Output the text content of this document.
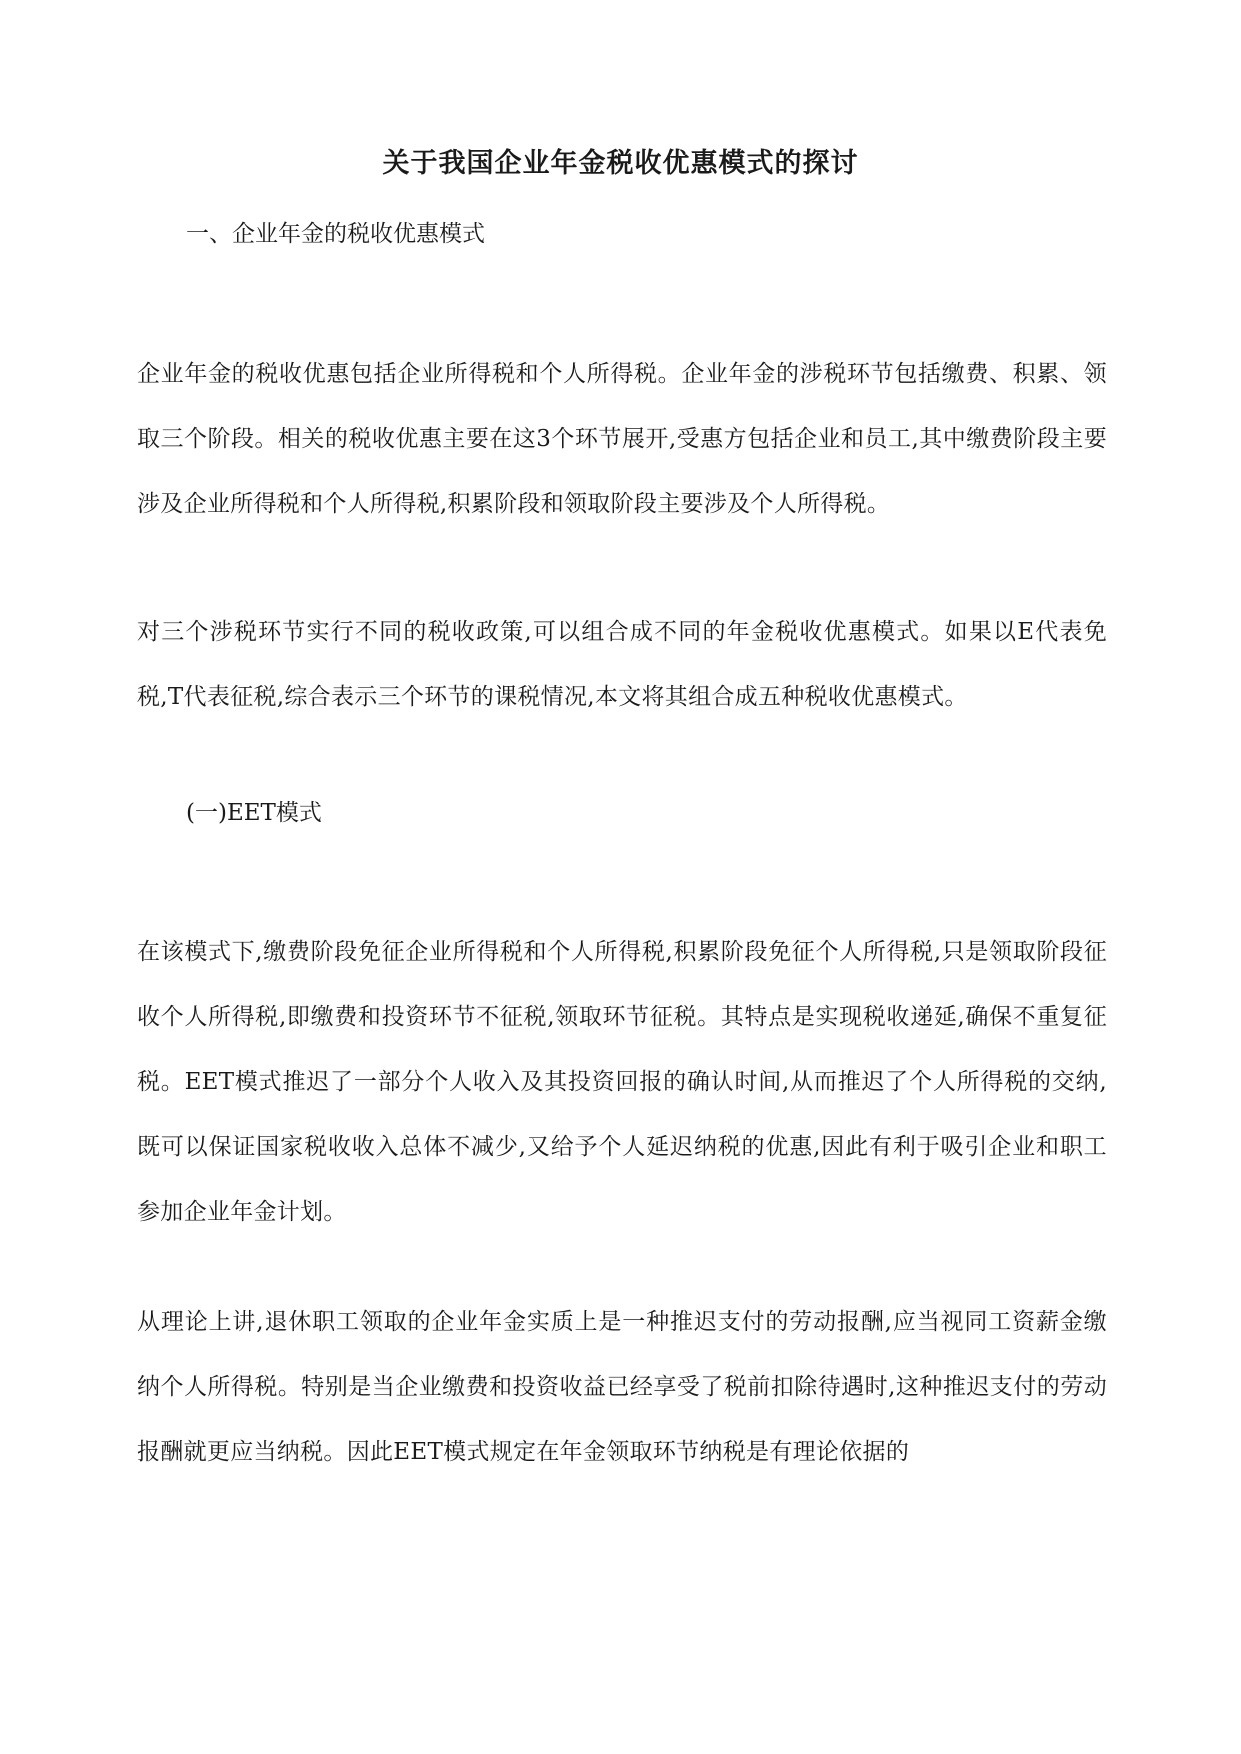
关于我国企业年金税收优惠模式的探讨
一、企业年金的税收优惠模式
企业年金的税收优惠包括企业所得税和个人所得税。企业年金的涉税环节包括缴费、积累、领取三个阶段。相关的税收优惠主要在这3个环节展开,受惠方包括企业和员工,其中缴费阶段主要涉及企业所得税和个人所得税,积累阶段和领取阶段主要涉及个人所得税。
对三个涉税环节实行不同的税收政策,可以组合成不同的年金税收优惠模式。如果以E代表免税,T代表征税,综合表示三个环节的课税情况,本文将其组合成五种税收优惠模式。
(一)EET模式
在该模式下,缴费阶段免征企业所得税和个人所得税,积累阶段免征个人所得税,只是领取阶段征收个人所得税,即缴费和投资环节不征税,领取环节征税。其特点是实现税收递延,确保不重复征税。EET模式推迟了一部分个人收入及其投资回报的确认时间,从而推迟了个人所得税的交纳,既可以保证国家税收收入总体不减少,又给予个人延迟纳税的优惠,因此有利于吸引企业和职工参加企业年金计划。
从理论上讲,退休职工领取的企业年金实质上是一种推迟支付的劳动报酬,应当视同工资薪金缴纳个人所得税。特别是当企业缴费和投资收益已经享受了税前扣除待遇时,这种推迟支付的劳动报酬就更应当纳税。因此EET模式规定在年金领取环节纳税是有理论依据的
